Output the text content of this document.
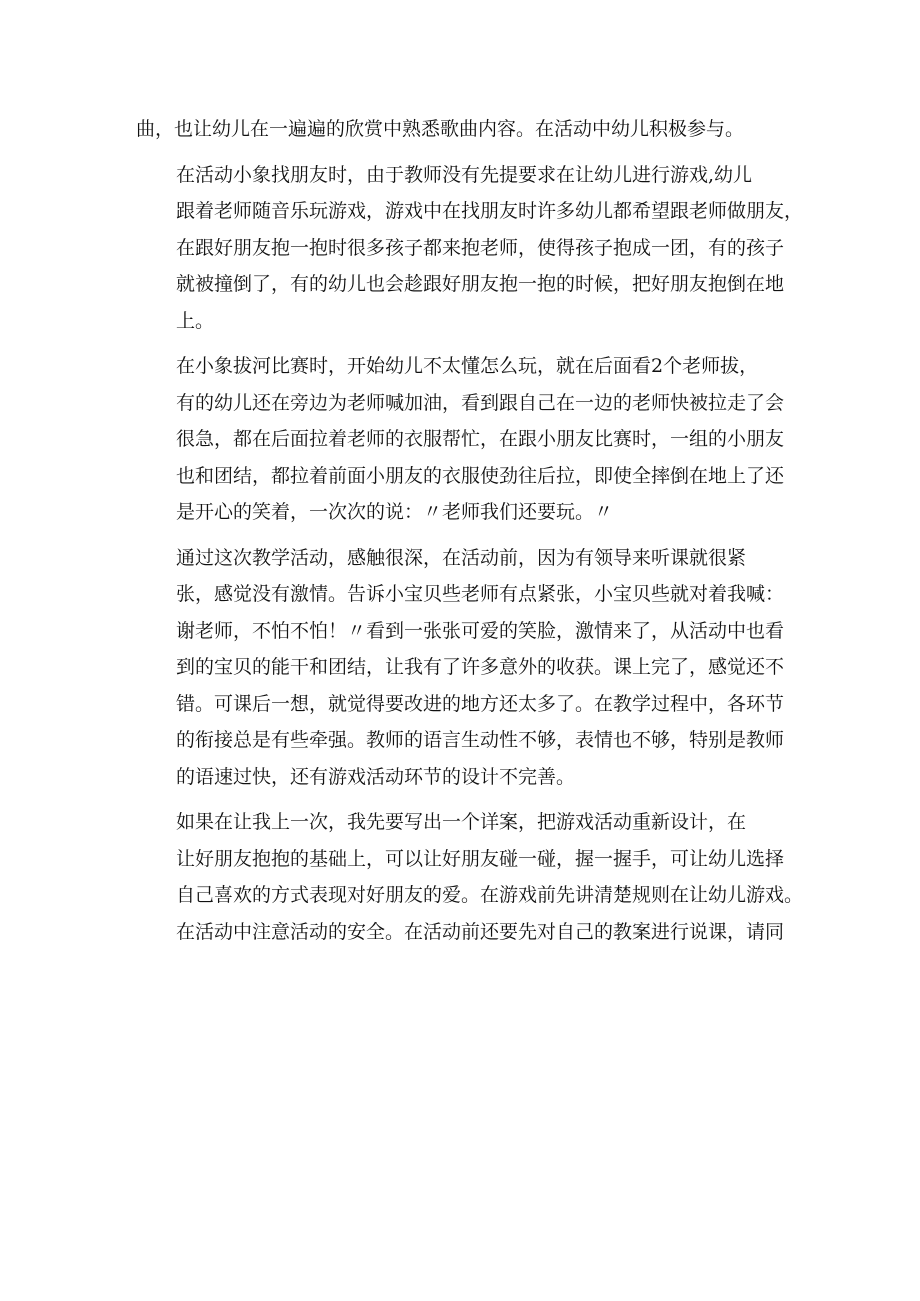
曲，也让幼儿在一遍遍的欣赏中熟悉歌曲内容。在活动中幼儿积极参与。

在活动小象找朋友时，由于教师没有先提要求在让幼儿进行游戏,幼儿
跟着老师随音乐玩游戏，游戏中在找朋友时许多幼儿都希望跟老师做朋友，
在跟好朋友抱一抱时很多孩子都来抱老师，使得孩子抱成一团，有的孩子
就被撞倒了，有的幼儿也会趁跟好朋友抱一抱的时候，把好朋友抱倒在地
上。

在小象拔河比赛时，开始幼儿不太懂怎么玩，就在后面看2个老师拔，
有的幼儿还在旁边为老师喊加油，看到跟自己在一边的老师快被拉走了会
很急，都在后面拉着老师的衣服帮忙，在跟小朋友比赛时，一组的小朋友
也和团结，都拉着前面小朋友的衣服使劲往后拉，即使全摔倒在地上了还
是开心的笑着，一次次的说：〃老师我们还要玩。〃

通过这次教学活动，感触很深，在活动前，因为有领导来听课就很紧
张，感觉没有激情。告诉小宝贝些老师有点紧张，小宝贝些就对着我喊：
谢老师，不怕不怕！〃看到一张张可爱的笑脸，激情来了，从活动中也看
到的宝贝的能干和团结，让我有了许多意外的收获。课上完了，感觉还不
错。可课后一想，就觉得要改进的地方还太多了。在教学过程中，各环节
的衔接总是有些牵强。教师的语言生动性不够，表情也不够，特别是教师
的语速过快，还有游戏活动环节的设计不完善。

如果在让我上一次，我先要写出一个详案，把游戏活动重新设计，在
让好朋友抱抱的基础上，可以让好朋友碰一碰，握一握手，可让幼儿选择
自己喜欢的方式表现对好朋友的爱。在游戏前先讲清楚规则在让幼儿游戏。
在活动中注意活动的安全。在活动前还要先对自己的教案进行说课，请同
